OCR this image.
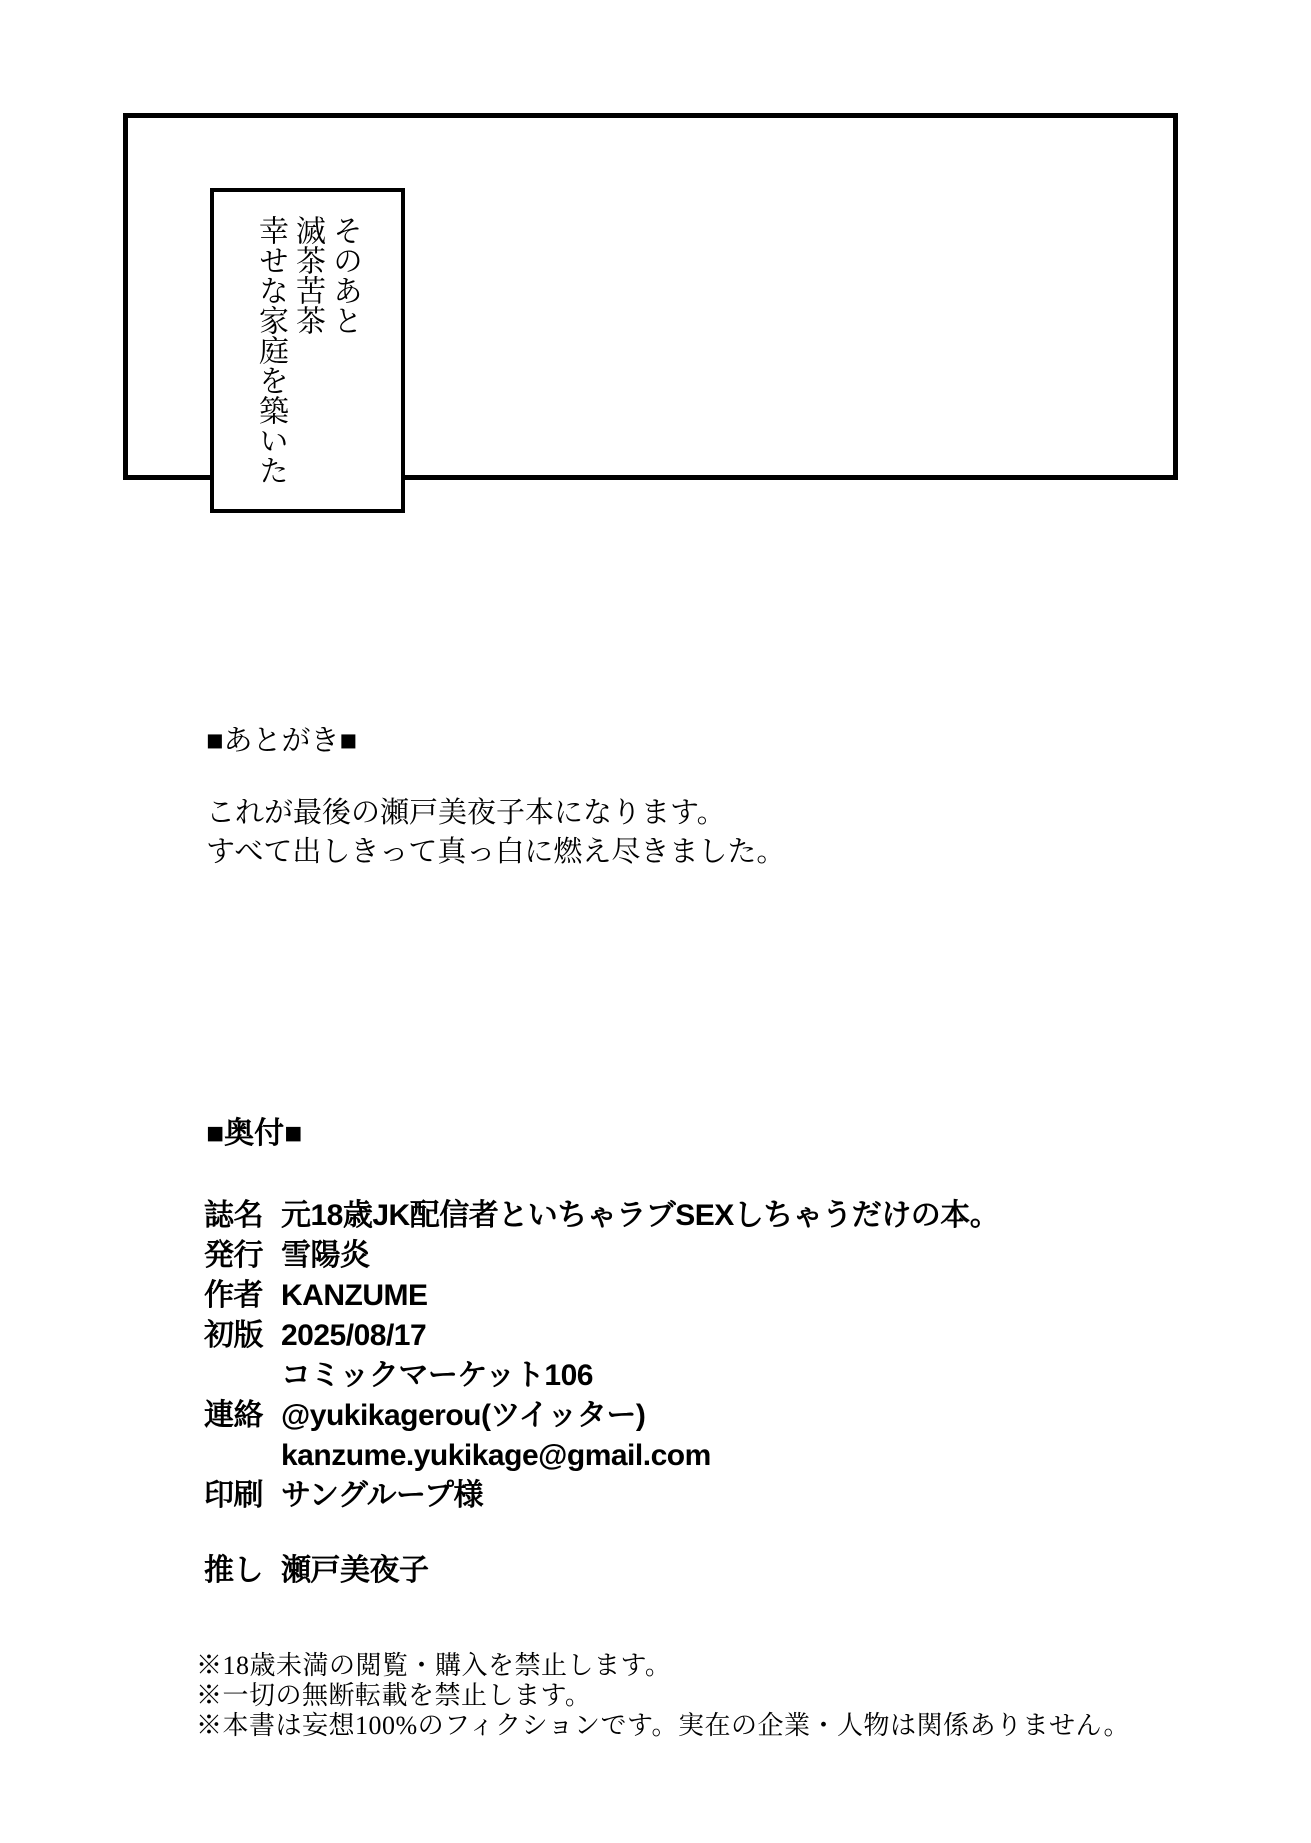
そのあと
滅茶苦茶
幸せな家庭を築いた
■あとがき■
これが最後の瀬戸美夜子本になります。
すべて出しきって真っ白に燃え尽きました。
■奥付■
誌名 元18歳JK配信者といちゃラブSEXしちゃうだけの本。
発行 雪陽炎
作者 KANZUME
初版 2025/08/17
コミックマーケット106
連絡 @yukikagerou(ツイッター)
kanzume.yukikage@gmail.com
印刷 サングループ様
推し 瀬戸美夜子
※18歳未満の閲覧・購入を禁止します。
※一切の無断転載を禁止します。
※本書は妄想100%のフィクションです。実在の企業・人物は関係ありません。
